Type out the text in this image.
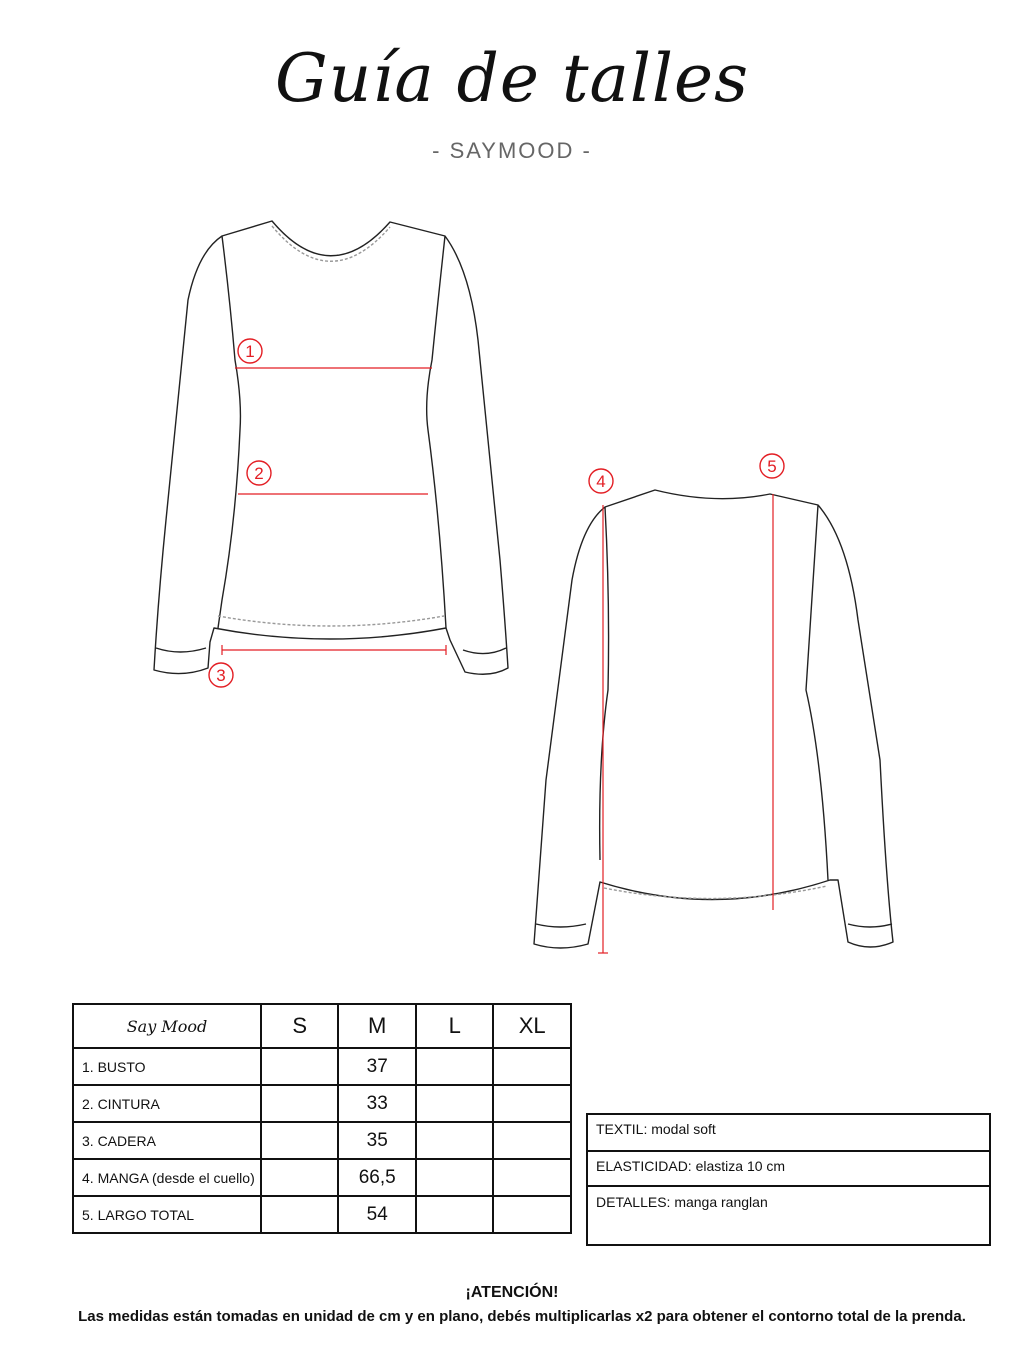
Guía de talles
- SAYMOOD -
1
2
3
4
5
Say Mood	S	M	L	XL
1. BUSTO		37		
2. CINTURA		33		
3. CADERA		35		
4. MANGA (desde el cuello)		66,5		
5. LARGO TOTAL		54		
TEXTIL: modal soft
ELASTICIDAD: elastiza 10 cm
DETALLES: manga ranglan
¡ATENCIÓN!
Las medidas están tomadas en unidad de cm y en plano, debés multiplicarlas x2 para obtener el contorno total de la prenda.
